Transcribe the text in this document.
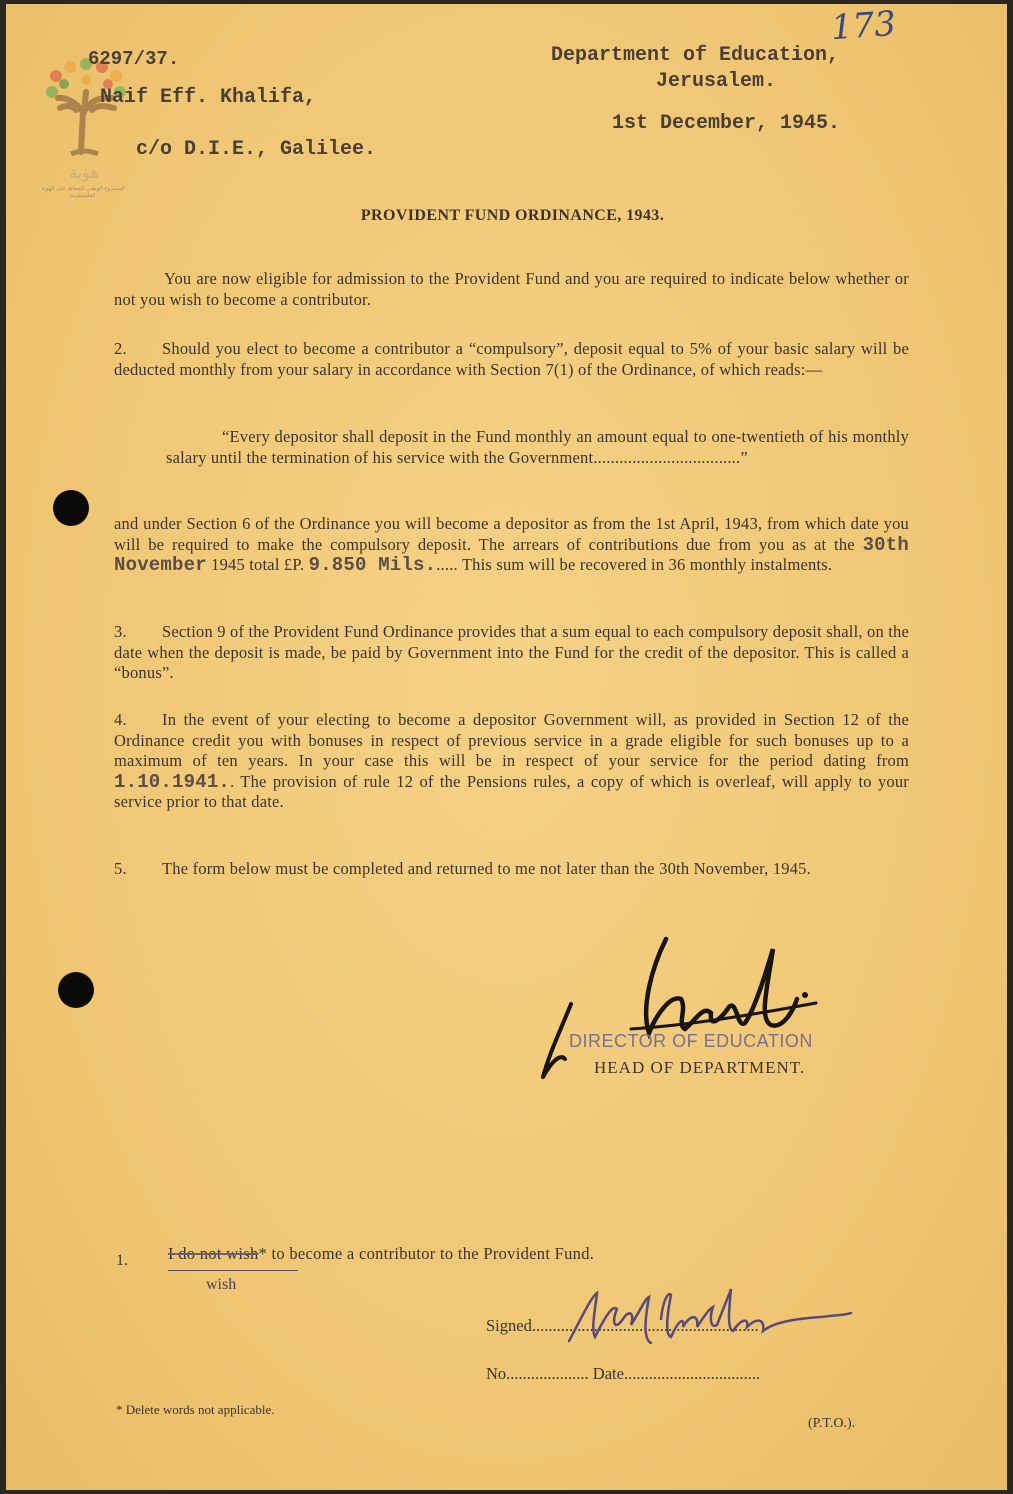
هوية
المشروع الوطني للحفاظ على الهوية الفلسطينية
6297/37.
Naif Eff. Khalifa,
c/o D.I.E., Galilee.
Department of Education,
Jerusalem.
1st December, 1945.
173
PROVIDENT FUND ORDINANCE, 1943.
You are now eligible for admission to the Provident Fund and you are required to indicate below whether or not you wish to become a contributor.
2. Should you elect to become a contributor a “compulsory”, deposit equal to 5% of your basic salary will be deducted monthly from your salary in accordance with Section 7(1) of the Ordinance, of which reads:—
“Every depositor shall deposit in the Fund monthly an amount equal to one-twentieth of his monthly salary until the termination of his service with the Government..................................”
and under Section 6 of the Ordinance you will become a depositor as from the 1st April, 1943, from which date you will be required to make the compulsory deposit. The arrears of contributions due from you as at the 30th November 1945 total £P. 9.850 Mils...... This sum will be recovered in 36 monthly instalments.
3. Section 9 of the Provident Fund Ordinance provides that a sum equal to each compulsory deposit shall, on the date when the deposit is made, be paid by Government into the Fund for the credit of the depositor. This is called a “bonus”.
4. In the event of your electing to become a depositor Government will, as provided in Section 12 of the Ordinance credit you with bonuses in respect of previous service in a grade eligible for such bonuses up to a maximum of ten years. In your case this will be in respect of your service for the period dating from 1.10.1941.. The provision of rule 12 of the Pensions rules, a copy of which is overleaf, will apply to your service prior to that date.
5. The form below must be completed and returned to me not later than the 30th November, 1945.
DIRECTOR OF EDUCATION
HEAD OF DEPARTMENT.
1. I do not wish* to become a contributor to the Provident Fund.
wish
Signed.......................................................
No.................... Date.................................
* Delete words not applicable.
(P.T.O.).
